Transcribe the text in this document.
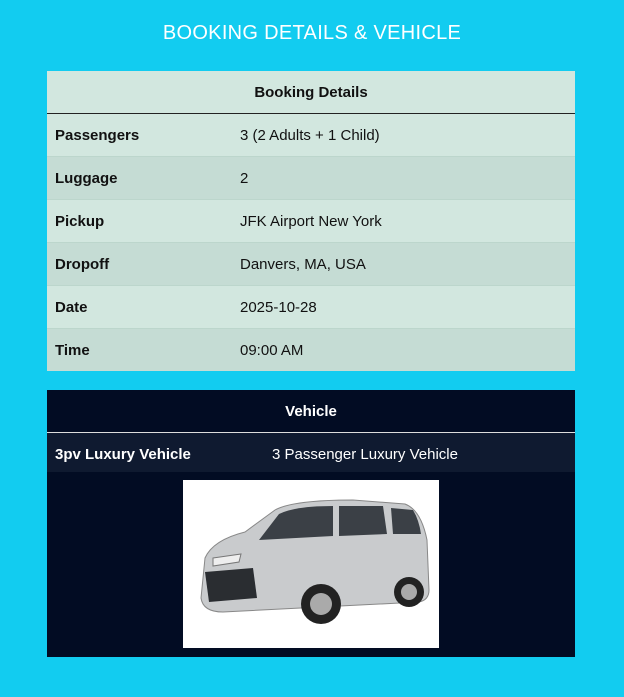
BOOKING DETAILS & VEHICLE
Booking Details	
Passengers	3 (2 Adults + 1 Child)
Luggage	2
Pickup	JFK Airport New York
Dropoff	Danvers, MA, USA
Date	2025-10-28
Time	09:00 AM
Vehicle
3pv Luxury Vehicle	3 Passenger Luxury Vehicle
